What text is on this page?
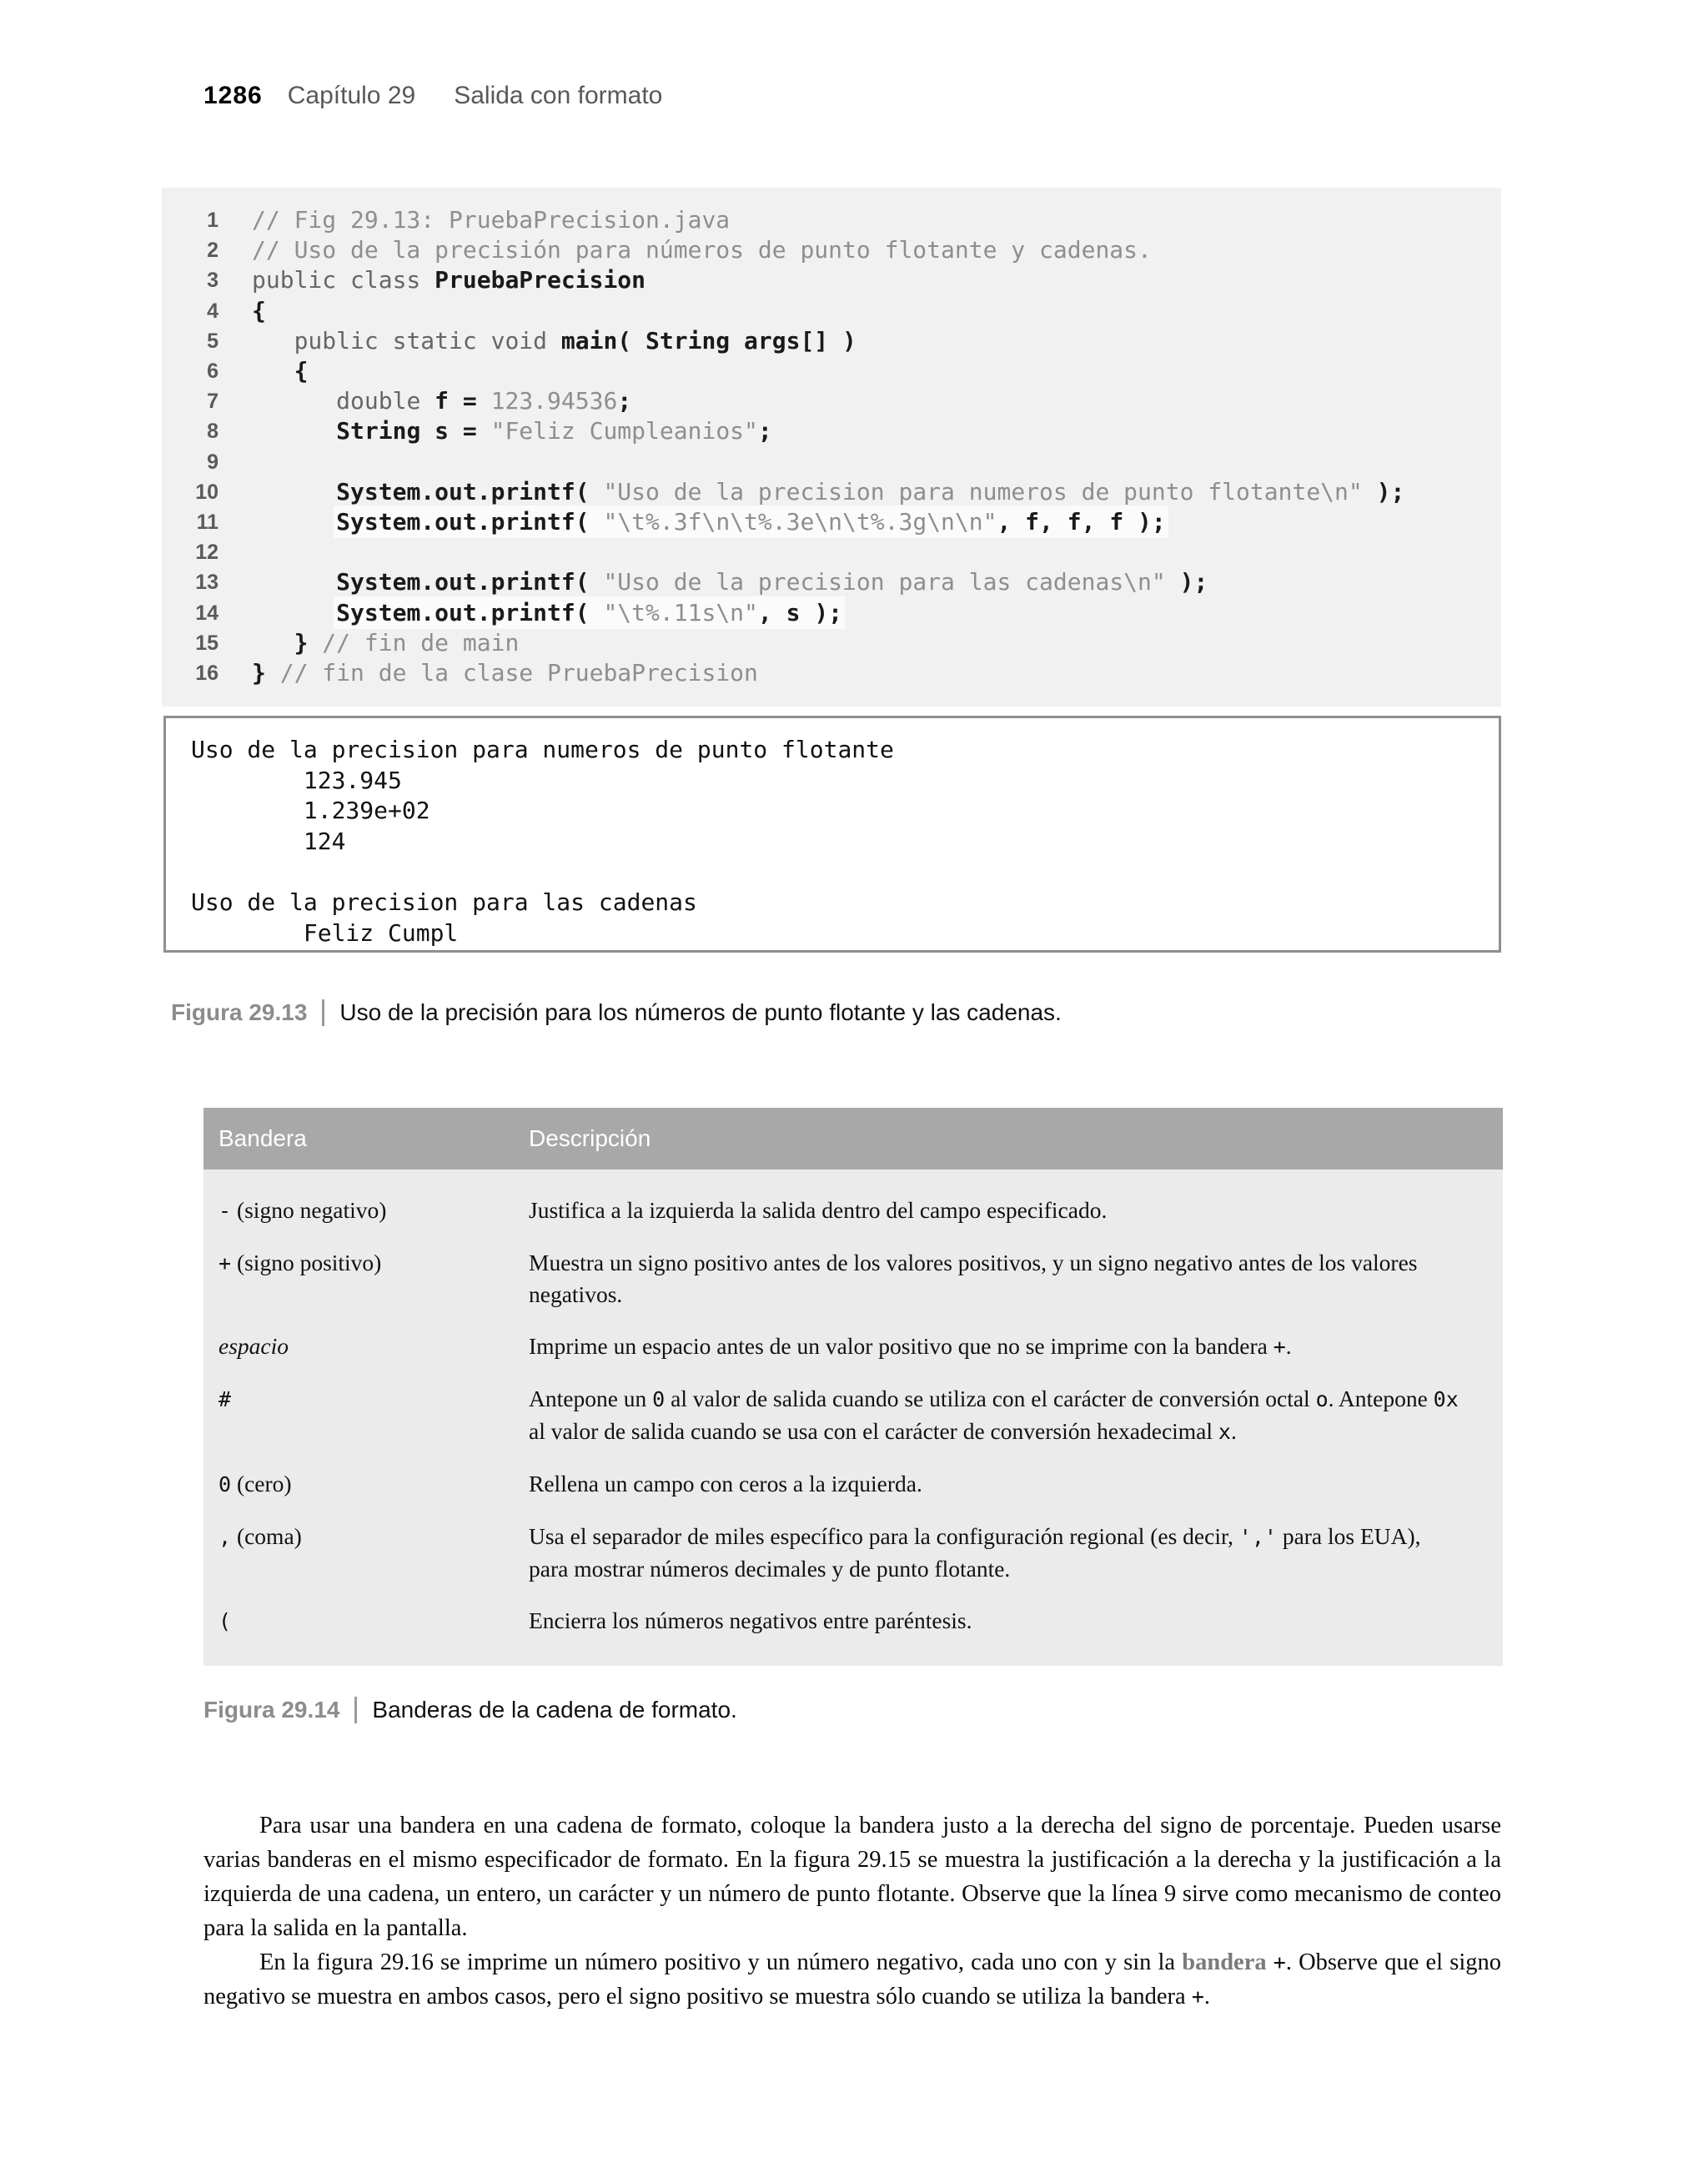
1286 Capítulo 29 Salida con formato
1 // Fig 29.13: PruebaPrecision.java
2 // Uso de la precisión para números de punto flotante y cadenas.
3 public class PruebaPrecision
4 {
5	public static void main( String args[] )
6	{
7	double f = 123.94536;
8	String s = "Feliz Cumpleanios";
9
10	System.out.printf( "Uso de la precision para numeros de punto flotante\n" );
11	System.out.printf( "\t%.3f\n\t%.3e\n\t%.3g\n\n", f, f, f );
12
13	System.out.printf( "Uso de la precision para las cadenas\n" );
14	System.out.printf( "\t%.11s\n", s );
15	} // fin de main
16 } // fin de la clase PruebaPrecision
Uso de la precision para numeros de punto flotante
123.945
1.239e+02
124

Uso de la precision para las cadenas
Feliz Cumpl

Figura 29.13 Uso de la precisión para los números de punto flotante y las cadenas.

Bandera	Descripción
- (signo negativo)	Justifica a la izquierda la salida dentro del campo especificado.
+ (signo positivo)	Muestra un signo positivo antes de los valores positivos, y un signo negativo antes de los valores negativos.
espacio	Imprime un espacio antes de un valor positivo que no se imprime con la bandera +.
#	Antepone un 0 al valor de salida cuando se utiliza con el carácter de conversión octal o. Antepone 0x al valor de salida cuando se usa con el carácter de conversión hexadecimal x.
0 (cero)	Rellena un campo con ceros a la izquierda.
, (coma)	Usa el separador de miles específico para la configuración regional (es decir, ',' para los EUA), para mostrar números decimales y de punto flotante.
(	Encierra los números negativos entre paréntesis.

Figura 29.14 Banderas de la cadena de formato.

Para usar una bandera en una cadena de formato, coloque la bandera justo a la derecha del signo de porcentaje. Pueden usarse varias banderas en el mismo especificador de formato. En la figura 29.15 se muestra la justificación a la derecha y la justificación a la izquierda de una cadena, un entero, un carácter y un número de punto flotante. Observe que la línea 9 sirve como mecanismo de conteo para la salida en la pantalla.

En la figura 29.16 se imprime un número positivo y un número negativo, cada uno con y sin la bandera +. Observe que el signo negativo se muestra en ambos casos, pero el signo positivo se muestra sólo cuando se utiliza la bandera +.
